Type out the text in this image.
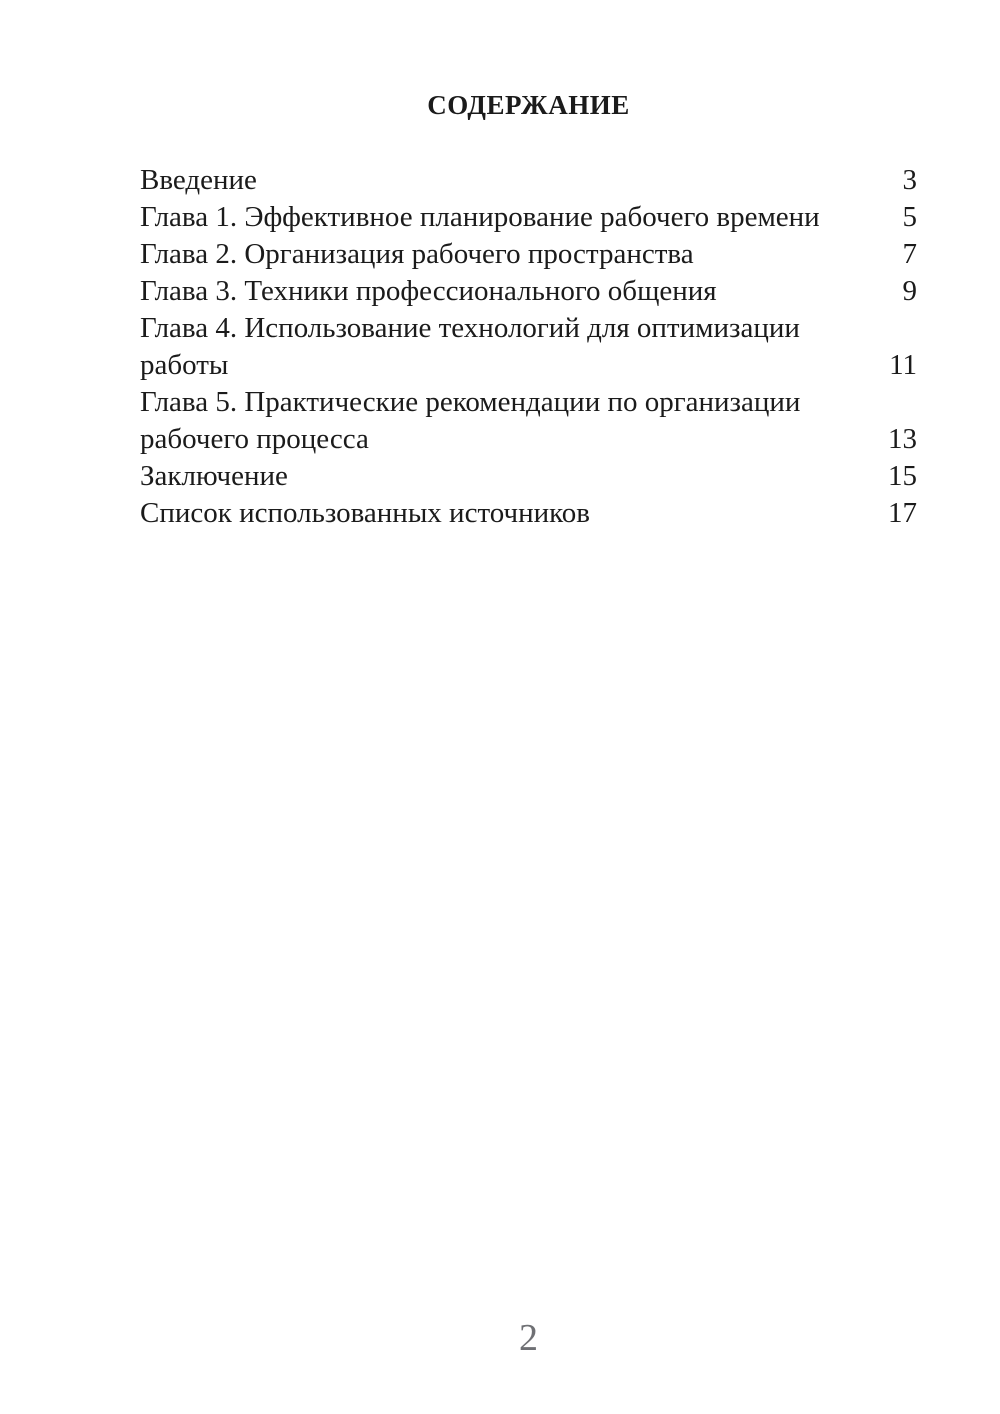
СОДЕРЖАНИЕ
Введение	3
Глава 1. Эффективное планирование рабочего времени	5
Глава 2. Организация рабочего пространства	7
Глава 3. Техники профессионального общения	9
Глава 4. Использование технологий для оптимизации работы	11
Глава 5. Практические рекомендации по организации рабочего процесса	13
Заключение	15
Список использованных источников	17
2
